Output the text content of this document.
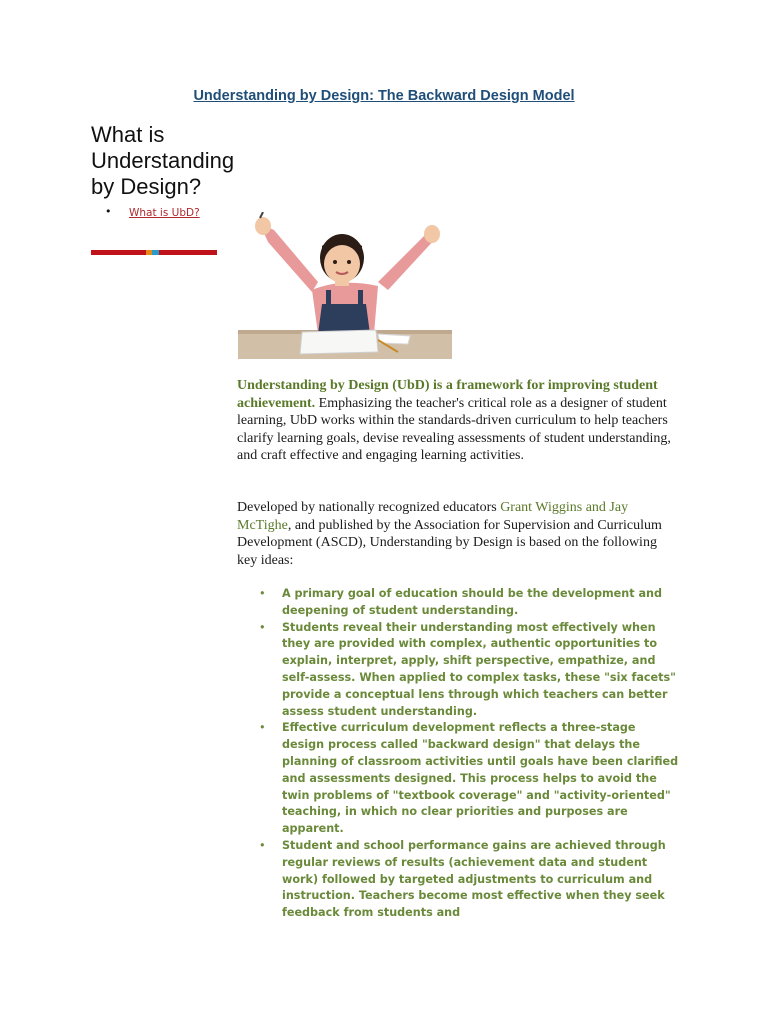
Understanding by Design: The Backward Design Model
What is Understanding by Design?
• What is UbD?

Understanding by Design (UbD) is a framework for improving student achievement. Emphasizing the teacher's critical role as a designer of student learning, UbD works within the standards-driven curriculum to help teachers clarify learning goals, devise revealing assessments of student understanding, and craft effective and engaging learning activities.

Developed by nationally recognized educators Grant Wiggins and Jay McTighe, and published by the Association for Supervision and Curriculum Development (ASCD), Understanding by Design is based on the following key ideas:

• A primary goal of education should be the development and deepening of student understanding.
• Students reveal their understanding most effectively when they are provided with complex, authentic opportunities to explain, interpret, apply, shift perspective, empathize, and self-assess. When applied to complex tasks, these "six facets" provide a conceptual lens through which teachers can better assess student understanding.
• Effective curriculum development reflects a three-stage design process called "backward design" that delays the planning of classroom activities until goals have been clarified and assessments designed. This process helps to avoid the twin problems of "textbook coverage" and "activity-oriented" teaching, in which no clear priorities and purposes are apparent.
• Student and school performance gains are achieved through regular reviews of results (achievement data and student work) followed by targeted adjustments to curriculum and instruction. Teachers become most effective when they seek feedback from students and
